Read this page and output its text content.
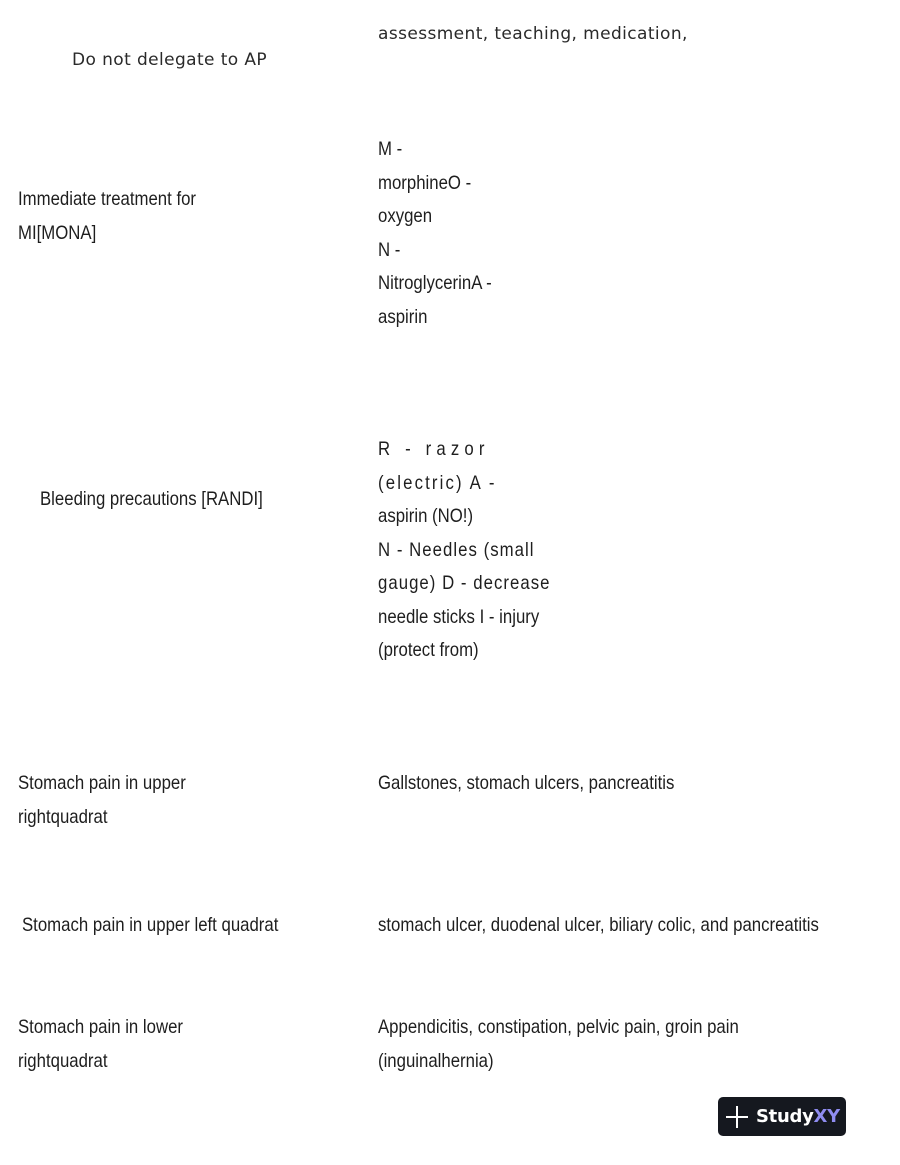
Do not delegate to AP
assessment, teaching, medication,
Immediate treatment for
MI[MONA]
M -
morphineO -
oxygen
N -
NitroglycerinA -
aspirin
Bleeding precautions [RANDI]
R - razor
(electric) A -
aspirin (NO!)
N - Needles (small
gauge) D - decrease
needle sticks I - injury
(protect from)
Stomach pain in upper
rightquadrat
Gallstones, stomach ulcers, pancreatitis
Stomach pain in upper left quadrat	stomach ulcer, duodenal ulcer, biliary colic, and pancreatitis
Stomach pain in lower
rightquadrat
Appendicitis, constipation, pelvic pain, groin pain
(inguinalhernia)
StudyXY
